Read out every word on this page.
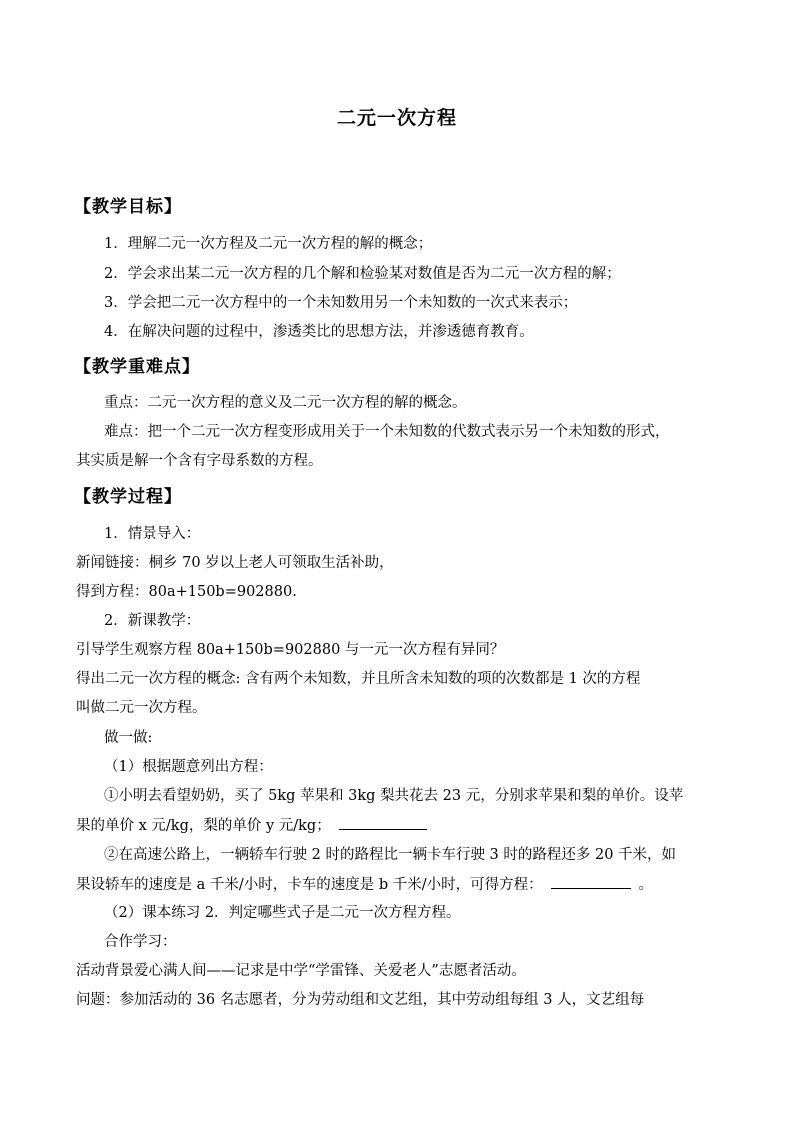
二元一次方程
【教学目标】
1．理解二元一次方程及二元一次方程的解的概念；
2．学会求出某二元一次方程的几个解和检验某对数值是否为二元一次方程的解；
3．学会把二元一次方程中的一个未知数用另一个未知数的一次式来表示；
4．在解决问题的过程中，渗透类比的思想方法，并渗透德育教育。
【教学重难点】
重点：二元一次方程的意义及二元一次方程的解的概念。
难点：把一个二元一次方程变形成用关于一个未知数的代数式表示另一个未知数的形式，
其实质是解一个含有字母系数的方程。
【教学过程】
1．情景导入：
新闻链接：桐乡 70 岁以上老人可领取生活补助，
得到方程：80a+150b=902880.
2．新课教学：
引导学生观察方程 80a+150b=902880 与一元一次方程有异同？
得出二元一次方程的概念: 含有两个未知数，并且所含未知数的项的次数都是 1 次的方程
叫做二元一次方程。
做一做:
（1）根据题意列出方程：
①小明去看望奶奶，买了 5kg 苹果和 3kg 梨共花去 23 元，分别求苹果和梨的单价。设苹
果的单价 x 元/kg，梨的单价 y 元/kg；
②在高速公路上，一辆轿车行驶 2 时的路程比一辆卡车行驶 3 时的路程还多 20 千米，如
果设轿车的速度是 a 千米/小时，卡车的速度是 b 千米/小时，可得方程：	。
（2）课本练习 2．判定哪些式子是二元一次方程方程。
合作学习：
活动背景爱心满人间——记求是中学“学雷锋、关爱老人”志愿者活动。
问题：参加活动的 36 名志愿者，分为劳动组和文艺组，其中劳动组每组 3 人，文艺组每
